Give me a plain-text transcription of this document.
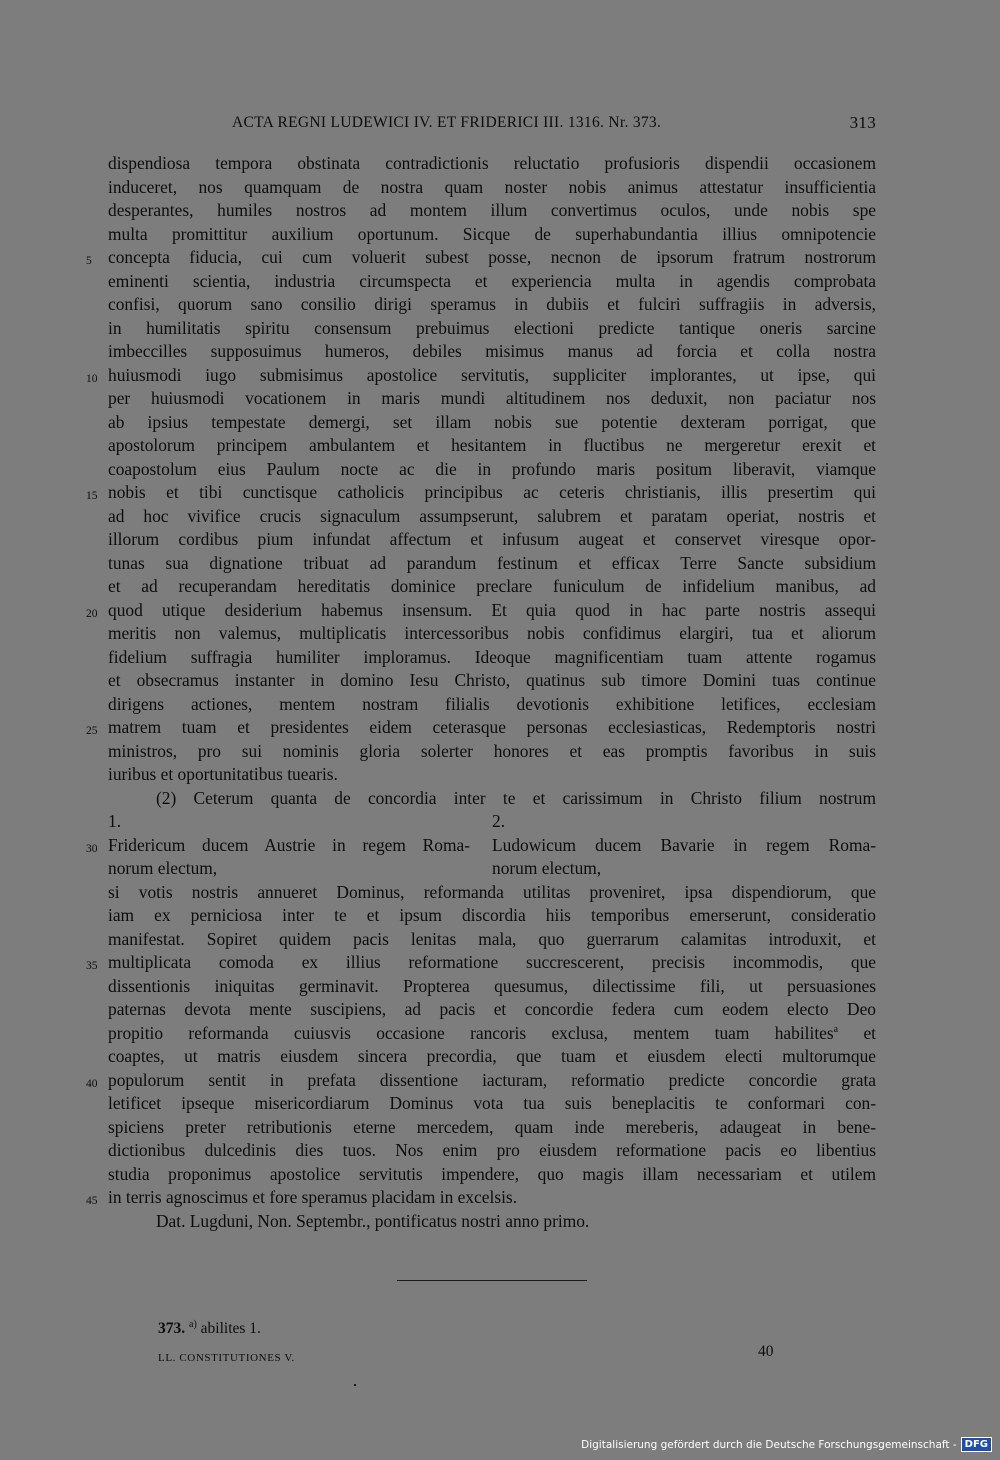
ACTA REGNI LUDEWICI IV. ET FRIDERICI III. 1316. Nr. 373.	313
dispendiosa tempora obstinata contradictionis reluctatio profusioris dispendii occasionem
induceret, nos quamquam de nostra quam noster nobis animus attestatur insufficientia
desperantes, humiles nostros ad montem illum convertimus oculos, unde nobis spe
multa promittitur auxilium oportunum. Sicque de superhabundantia illius omnipotencie
5 concepta fiducia, cui cum voluerit subest posse, necnon de ipsorum fratrum nostrorum
eminenti scientia, industria circumspecta et experiencia multa in agendis comprobata
confisi, quorum sano consilio dirigi speramus in dubiis et fulciri suffragiis in adversis,
in humilitatis spiritu consensum prebuimus electioni predicte tantique oneris sarcine
imbeccilles supposuimus humeros, debiles misimus manus ad forcia et colla nostra
10 huiusmodi iugo submisimus apostolice servitutis, suppliciter implorantes, ut ipse, qui
per huiusmodi vocationem in maris mundi altitudinem nos deduxit, non paciatur nos
ab ipsius tempestate demergi, set illam nobis sue potentie dexteram porrigat, que
apostolorum principem ambulantem et hesitantem in fluctibus ne mergeretur erexit et
coapostolum eius Paulum nocte ac die in profundo maris positum liberavit, viamque
15 nobis et tibi cunctisque catholicis principibus ac ceteris christianis, illis presertim qui
ad hoc vivifice crucis signaculum assumpserunt, salubrem et paratam operiat, nostris et
illorum cordibus pium infundat affectum et infusum augeat et conservet viresque opor-
tunas sua dignatione tribuat ad parandum festinum et efficax Terre Sancte subsidium
et ad recuperandam hereditatis dominice preclare funiculum de infidelium manibus, ad
20 quod utique desiderium habemus insensum. Et quia quod in hac parte nostris assequi
meritis non valemus, multiplicatis intercessoribus nobis confidimus elargiri, tua et aliorum
fidelium suffragia humiliter imploramus. Ideoque magnificentiam tuam attente rogamus
et obsecramus instanter in domino Iesu Christo, quatinus sub timore Domini tuas continue
dirigens actiones, mentem nostram filialis devotionis exhibitione letifices, ecclesiam
25 matrem tuam et presidentes eidem ceterasque personas ecclesiasticas, Redemptoris nostri
ministros, pro sui nominis gloria solerter honores et eas promptis favoribus in suis
iuribus et oportunitatibus tuearis.
(2) Ceterum quanta de concordia inter te et carissimum in Christo filium nostrum
1.	2.
30 Fridericum ducem Austrie in regem Roma-	Ludowicum ducem Bavarie in regem Roma-
norum electum,	norum electum,
si votis nostris annueret Dominus, reformanda utilitas proveniret, ipsa dispendiorum, que
iam ex perniciosa inter te et ipsum discordia hiis temporibus emerserunt, consideratio
manifestat. Sopiret quidem pacis lenitas mala, quo guerrarum calamitas introduxit, et
35 multiplicata comoda ex illius reformatione succrescerent, precisis incommodis, que
dissentionis iniquitas germinavit. Propterea quesumus, dilectissime fili, ut persuasiones
paternas devota mente suscipiens, ad pacis et concordie federa cum eodem electo Deo
propitio reformanda cuiusvis occasione rancoris exclusa, mentem tuam habilites$^a$ et
coaptes, ut matris eiusdem sincera precordia, que tuam et eiusdem electi multorumque
40 populorum sentit in prefata dissentione iacturam, reformatio predicte concordie grata
letificet ipseque misericordiarum Dominus vota tua suis beneplacitis te conformari con-
spiciens preter retributionis eterne mercedem, quam inde mereberis, adaugeat in bene-
dictionibus dulcedinis dies tuos. Nos enim pro eiusdem reformatione pacis eo libentius
studia proponimus apostolice servitutis impendere, quo magis illam necessariam et utilem
45 in terris agnoscimus et fore speramus placidam in excelsis.
Dat. Lugduni, Non. Septembr., pontificatus nostri anno primo.
373. $^{a)}$ abilites 1.
LL. CONSTITUTIONES V.	40
Digitalisierung gefördert durch die Deutsche Forschungsgemeinschaft - DFG
